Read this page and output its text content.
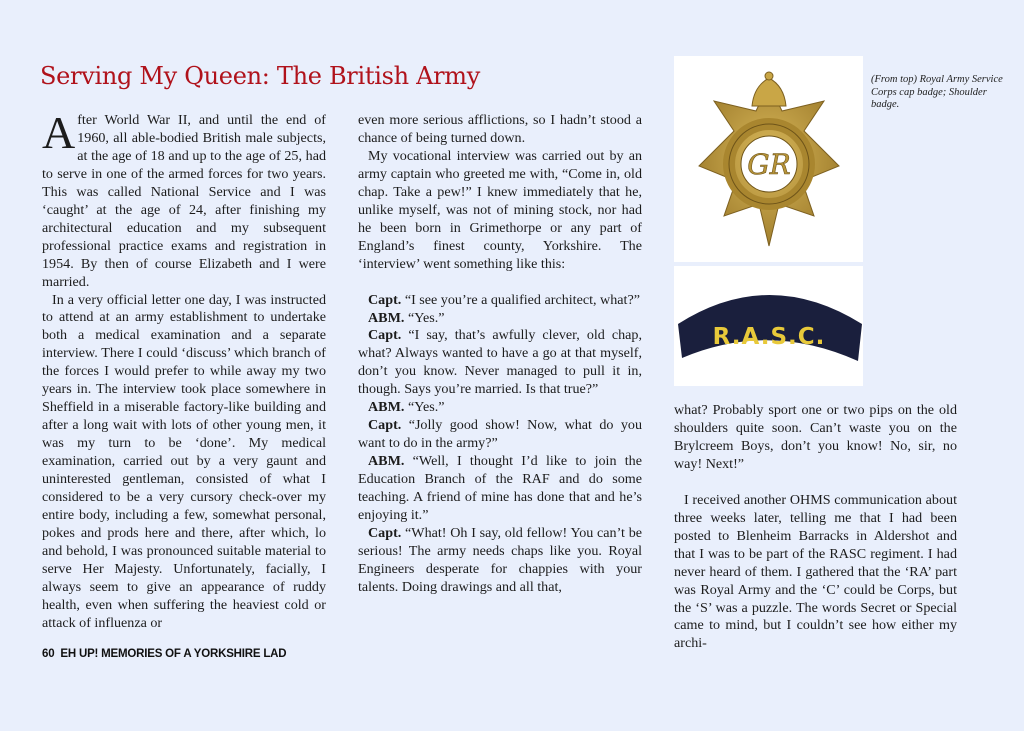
Serving My Queen: The British Army

After World War II, and until the end of 1960, all able-bodied British male subjects, at the age of 18 and up to the age of 25, had to serve in one of the armed forces for two years. This was called National Service and I was ‘caught’ at the age of 24, after finishing my architectural education and my subsequent professional practice exams and registration in 1954. By then of course Elizabeth and I were married.

In a very official letter one day, I was instructed to attend at an army establishment to undertake both a medical examination and a separate interview. There I could ‘discuss’ which branch of the forces I would prefer to while away my two years in. The interview took place somewhere in Sheffield in a miserable factory-like building and after a long wait with lots of other young men, it was my turn to be ‘done’. My medical examination, carried out by a very gaunt and uninterested gentleman, consisted of what I considered to be a very cursory check-over my entire body, including a few, somewhat personal, pokes and prods here and there, after which, lo and behold, I was pronounced suitable material to serve Her Majesty. Unfortunately, facially, I always seem to give an appearance of ruddy health, even when suffering the heaviest cold or attack of influenza or

even more serious afflictions, so I hadn’t stood a chance of being turned down.

My vocational interview was carried out by an army captain who greeted me with, “Come in, old chap. Take a pew!” I knew immediately that he, unlike myself, was not of mining stock, nor had he been born in Grimethorpe or any part of England’s finest county, Yorkshire. The ‘interview’ went something like this:

Capt. “I see you’re a qualified architect, what?”

ABM. “Yes.”

Capt. “I say, that’s awfully clever, old chap, what? Always wanted to have a go at that myself, don’t you know. Never managed to pull it in, though. Says you’re married. Is that true?”

ABM. “Yes.”

Capt. “Jolly good show! Now, what do you want to do in the army?”

ABM. “Well, I thought I’d like to join the Education Branch of the RAF and do some teaching. A friend of mine has done that and he’s enjoying it.”

Capt. “What! Oh I say, old fellow! You can’t be serious! The army needs chaps like you. Royal Engineers desperate for chappies with your talents. Doing drawings and all that,

GR
R.A.S.C.
(From top) Royal Army Service Corps cap badge; Shoulder badge.

what? Probably sport one or two pips on the old shoulders quite soon. Can’t waste you on the Brylcreem Boys, don’t you know! No, sir, no way! Next!”

I received another OHMS communication about three weeks later, telling me that I had been posted to Blenheim Barracks in Aldershot and that I was to be part of the RASC regiment. I had never heard of them. I gathered that the ‘RA’ part was Royal Army and the ‘C’ could be Corps, but the ‘S’ was a puzzle. The words Secret or Special came to mind, but I couldn’t see how either my archi-

60 EH UP! MEMORIES OF A YORKSHIRE LAD
